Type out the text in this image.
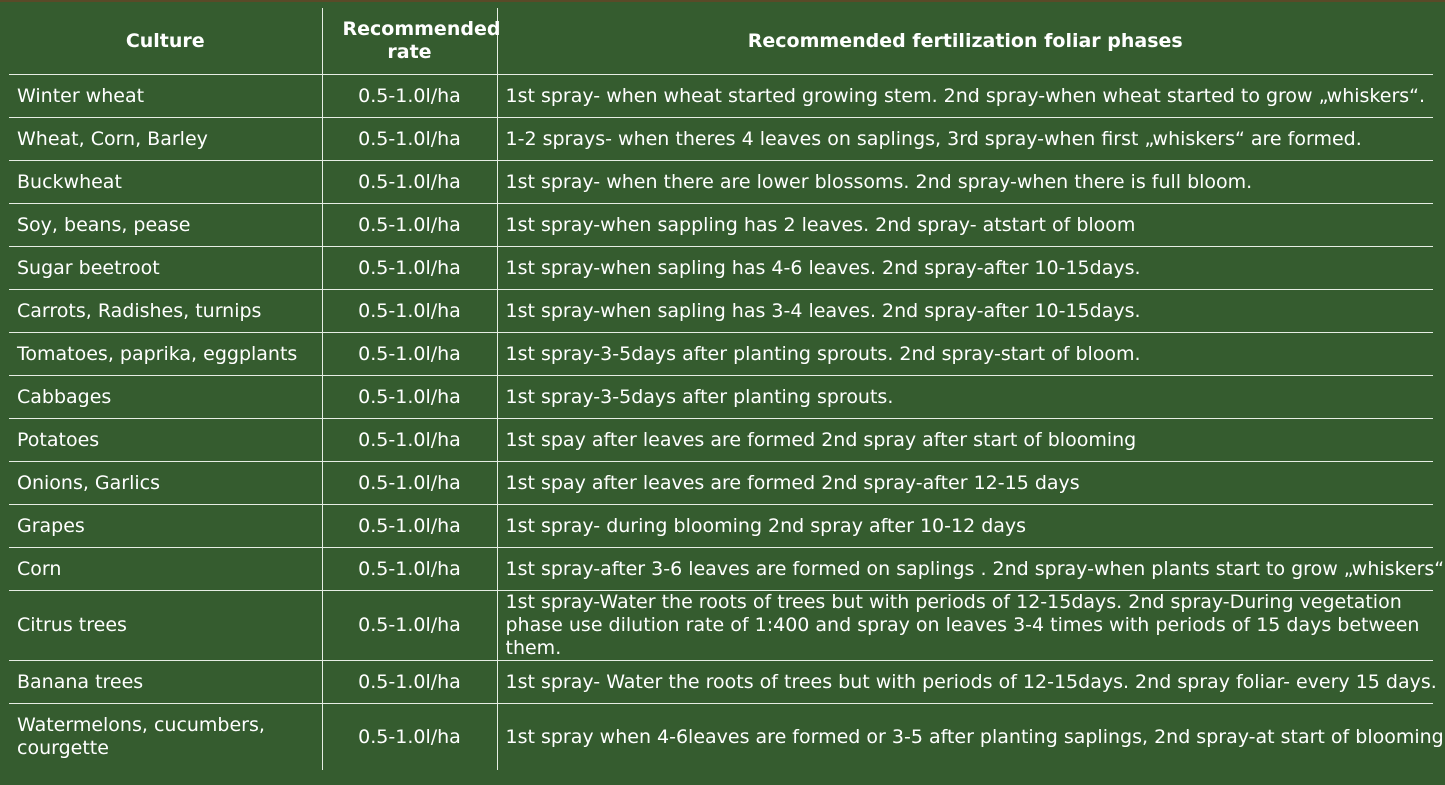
Culture	Recommended rate	Recommended fertilization foliar phases
Winter wheat	0.5-1.0l/ha	1st spray- when wheat started growing stem. 2nd spray-when wheat started to grow „whiskers“.
Wheat, Corn, Barley	0.5-1.0l/ha	1-2 sprays- when theres 4 leaves on saplings, 3rd spray-when first „whiskers“ are formed.
Buckwheat	0.5-1.0l/ha	1st spray- when there are lower blossoms. 2nd spray-when there is full bloom.
Soy, beans, pease	0.5-1.0l/ha	1st spray-when sappling has 2 leaves. 2nd spray- atstart of bloom
Sugar beetroot	0.5-1.0l/ha	1st spray-when sapling has 4-6 leaves. 2nd spray-after 10-15days.
Carrots, Radishes, turnips	0.5-1.0l/ha	1st spray-when sapling has 3-4 leaves. 2nd spray-after 10-15days.
Tomatoes, paprika, eggplants	0.5-1.0l/ha	1st spray-3-5days after planting sprouts. 2nd spray-start of bloom.
Cabbages	0.5-1.0l/ha	1st spray-3-5days after planting sprouts.
Potatoes	0.5-1.0l/ha	1st spay after leaves are formed 2nd spray after start of blooming
Onions, Garlics	0.5-1.0l/ha	1st spay after leaves are formed 2nd spray-after 12-15 days
Grapes	0.5-1.0l/ha	1st spray- during blooming 2nd spray after 10-12 days
Corn	0.5-1.0l/ha	1st spray-after 3-6 leaves are formed on saplings . 2nd spray-when plants start to grow „whiskers“
Citrus trees	0.5-1.0l/ha	1st spray-Water the roots of trees but with periods of 12-15days. 2nd spray-During vegetation phase use dilution rate of 1:400 and spray on leaves 3-4 times with periods of 15 days between them.
Banana trees	0.5-1.0l/ha	1st spray- Water the roots of trees but with periods of 12-15days. 2nd spray foliar- every 15 days.
Watermelons, cucumbers, courgette	0.5-1.0l/ha	1st spray when 4-6leaves are formed or 3-5 after planting saplings, 2nd spray-at start of blooming
